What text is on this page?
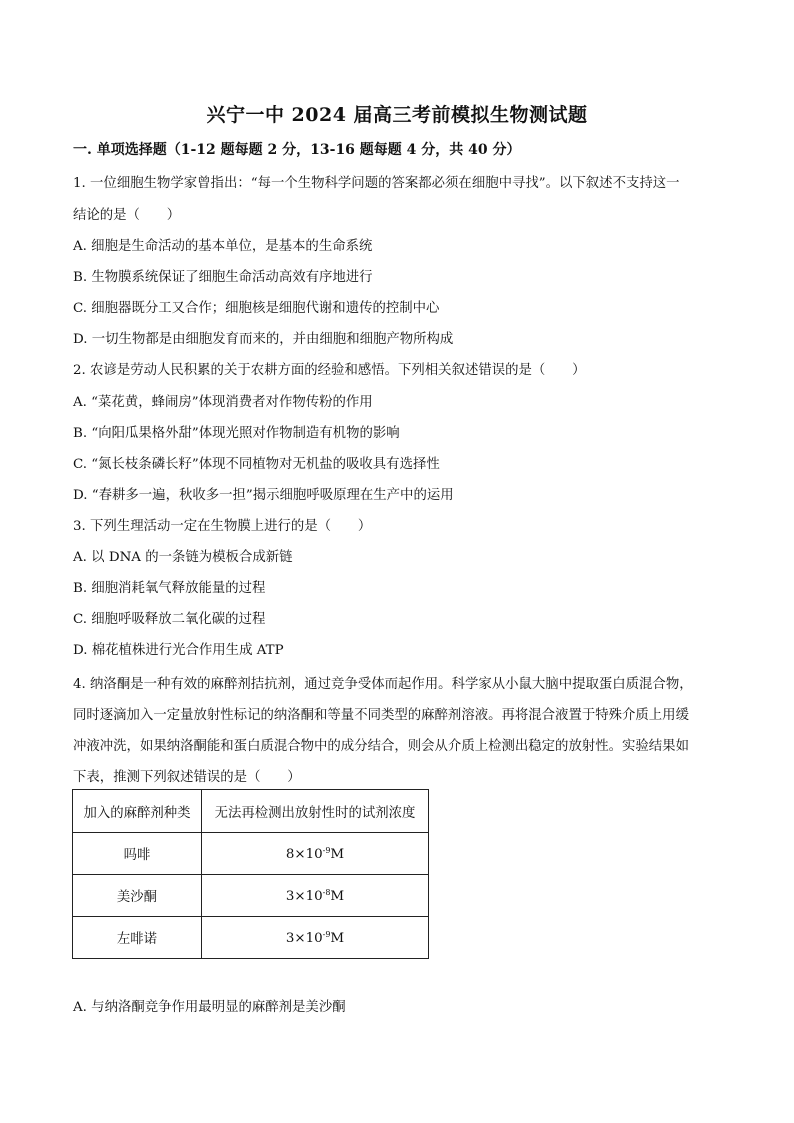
兴宁一中 2024 届高三考前模拟生物测试题
一. 单项选择题（1-12 题每题 2 分，13-16 题每题 4 分，共 40 分）
1. 一位细胞生物学家曾指出：“每一个生物科学问题的答案都必须在细胞中寻找”。以下叙述不支持这一
结论的是（　　）
A. 细胞是生命活动的基本单位，是基本的生命系统
B. 生物膜系统保证了细胞生命活动高效有序地进行
C. 细胞器既分工又合作；细胞核是细胞代谢和遗传的控制中心
D. 一切生物都是由细胞发育而来的，并由细胞和细胞产物所构成
2. 农谚是劳动人民积累的关于农耕方面的经验和感悟。下列相关叙述错误的是（　　）
A. “菜花黄，蜂闹房”体现消费者对作物传粉的作用
B. “向阳瓜果格外甜”体现光照对作物制造有机物的影响
C. “氮长枝条磷长籽”体现不同植物对无机盐的吸收具有选择性
D. “春耕多一遍，秋收多一担”揭示细胞呼吸原理在生产中的运用
3. 下列生理活动一定在生物膜上进行的是（　　）
A. 以 DNA 的一条链为模板合成新链
B. 细胞消耗氧气释放能量的过程
C. 细胞呼吸释放二氧化碳的过程
D. 棉花植株进行光合作用生成 ATP
4. 纳洛酮是一种有效的麻醉剂拮抗剂，通过竞争受体而起作用。科学家从小鼠大脑中提取蛋白质混合物，
同时逐滴加入一定量放射性标记的纳洛酮和等量不同类型的麻醉剂溶液。再将混合液置于特殊介质上用缓
冲液冲洗，如果纳洛酮能和蛋白质混合物中的成分结合，则会从介质上检测出稳定的放射性。实验结果如
下表，推测下列叙述错误的是（　　）
加入的麻醉剂种类	无法再检测出放射性时的试剂浓度
吗啡	$8\times 10^{-9}M$
美沙酮	$3\times 10^{-8}M$
左啡诺	$3\times 10^{-9}M$
A. 与纳洛酮竞争作用最明显的麻醉剂是美沙酮
